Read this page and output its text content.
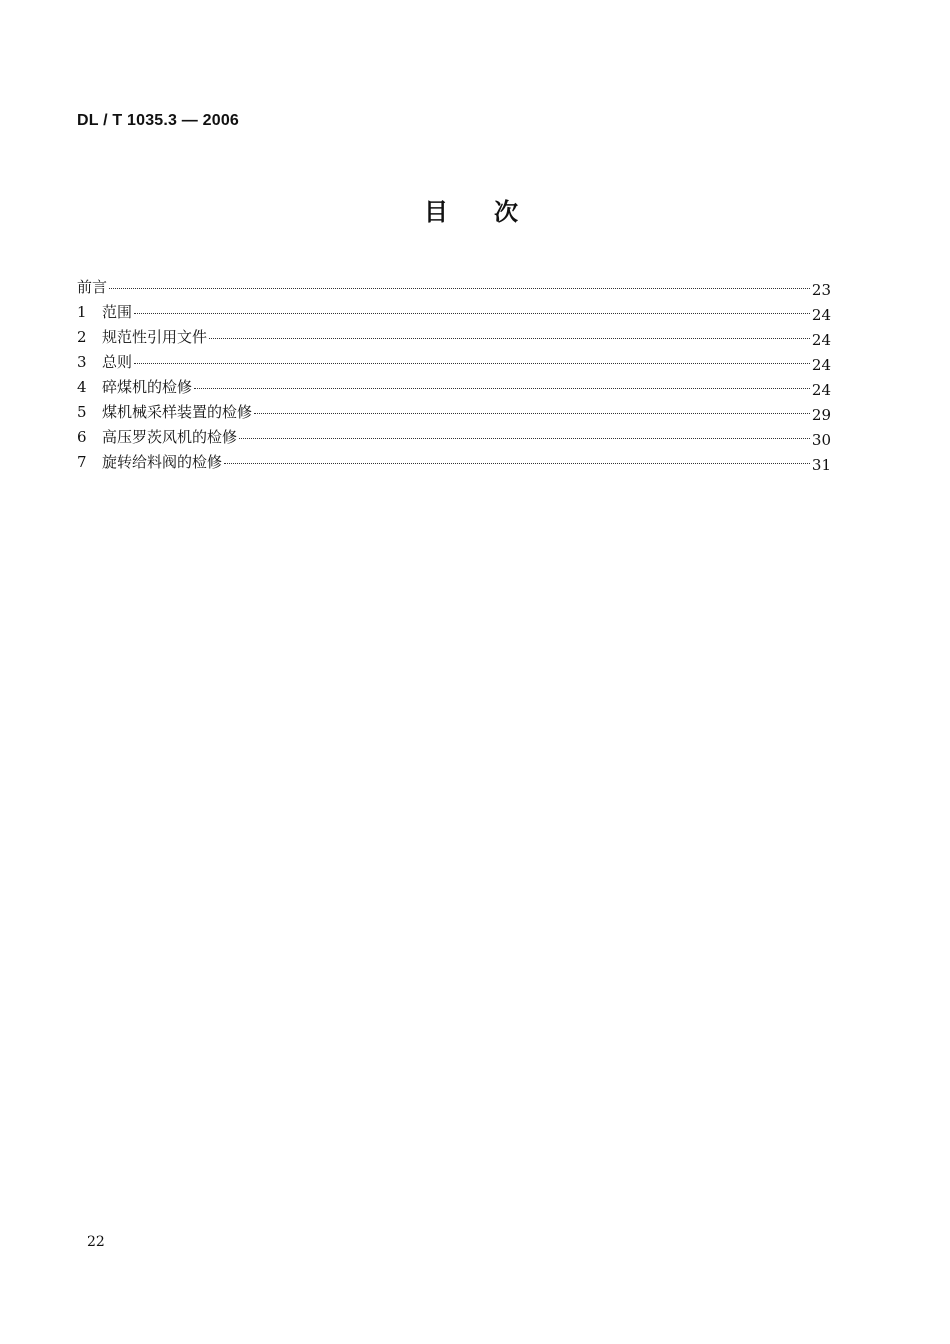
DL / T 1035.3 — 2006
目次
前言	23
1	范围	24
2	规范性引用文件	24
3	总则	24
4	碎煤机的检修	24
5	煤机械采样装置的检修	29
6	高压罗茨风机的检修	30
7	旋转给料阀的检修	31
22
